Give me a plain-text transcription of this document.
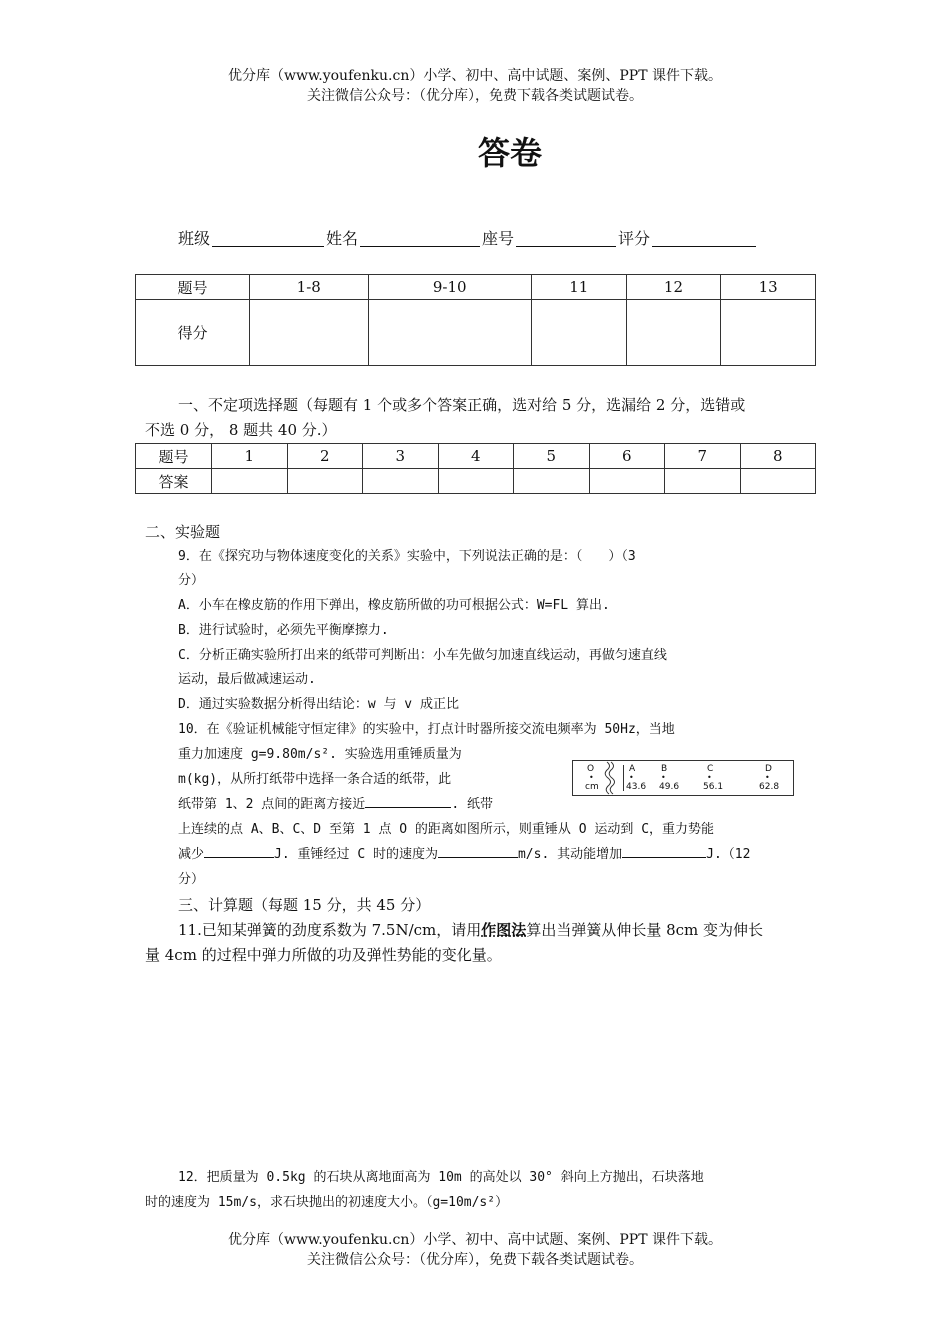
优分库（www.youfenku.cn）小学、初中、高中试题、案例、PPT 课件下载。
关注微信公众号：（优分库），免费下载各类试题试卷。
答卷
班级	姓名	座号	评分
题号	1-8	9-10	11	12	13
得分					
一、不定项选择题（每题有 1 个或多个答案正确，选对给 5 分，选漏给 2 分，选错或
不选 0 分， 8 题共 40 分.）
题号	1	2	3	4	5	6	7	8
答案								
二、实验题
9．在《探究功与物体速度变化的关系》实验中，下列说法正确的是：（　　）（3
分）
A．小车在橡皮筋的作用下弹出，橡皮筋所做的功可根据公式：W=FL 算出.
B．进行试验时，必须先平衡摩擦力.
C．分析正确实验所打出来的纸带可判断出：小车先做匀加速直线运动，再做匀速直线
运动，最后做减速运动.
D．通过实验数据分析得出结论：w 与 v 成正比
10．在《验证机械能守恒定律》的实验中，打点计时器所接交流电频率为 50Hz，当地
重力加速度 g=9.80m/s². 实验选用重锤质量为
m(kg)，从所打纸带中选择一条合适的纸带，此
纸带第 1、2 点间的距离方接近	. 纸带
O
•
cm
A	B	C	D
•	•	•	•
43.6 49.6	56.1	62.8
上连续的点 A、B、C、D 至第 1 点 O 的距离如图所示，则重锤从 O 运动到 C，重力势能
减少	J. 重锤经过 C 时的速度为	m/s. 其动能增加	J.（12
分）
三、计算题（每题 15 分，共 45 分）
11.已知某弹簧的劲度系数为 7.5N/cm，请用作图法算出当弹簧从伸长量 8cm 变为伸长
量 4cm 的过程中弹力所做的功及弹性势能的变化量。
12．把质量为 0.5kg 的石块从离地面高为 10m 的高处以 30° 斜向上方抛出，石块落地
时的速度为 15m/s，求石块抛出的初速度大小。（g=10m/s²）
优分库（www.youfenku.cn）小学、初中、高中试题、案例、PPT 课件下载。
关注微信公众号：（优分库），免费下载各类试题试卷。
